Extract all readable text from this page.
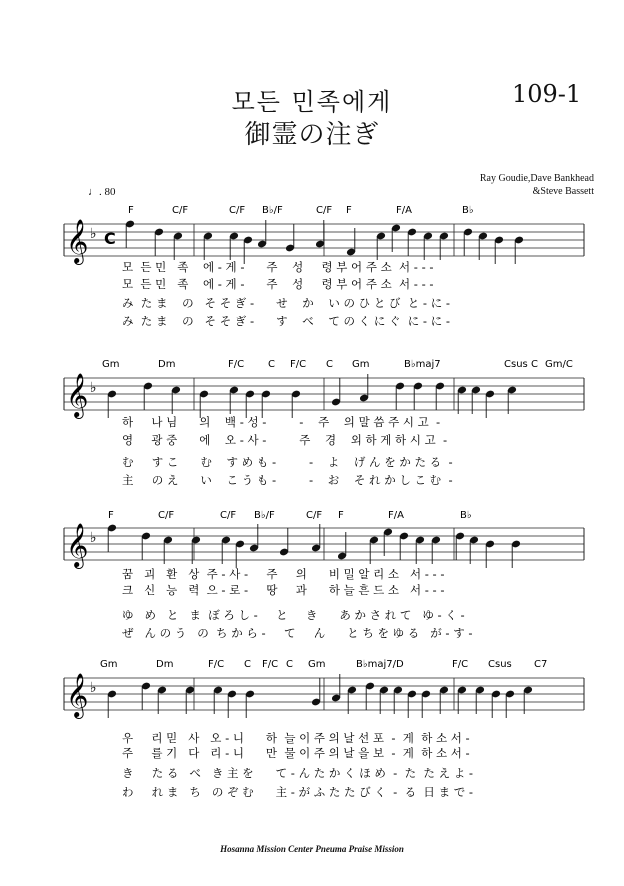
모든 민족에게
御霊の注ぎ
109-1
Ray Goudie,Dave Bankhead
&Steve Bassett
♩. 80
𝄞 ♭ C
F	C/F	C/F B♭/F	C/F F	F/A	B♭
모  든 민   족    에 - 게 -      주    성     령 부 어 주 소  서 - - -
모  든 민   족    에 - 게 -      주    성     령 부 어 주 소  서 - - -
み  た ま    の   そ そ ぎ -      せ    か    い の ひ と び  と - に -
み  た ま    の   そ そ ぎ -      す    べ    て の く に ぐ  に - に -
𝄞 ♭
Gm	Dm	F/C C F/C C Gm	B♭maj7	Csus C Gm/C
하     나 님      의    백 - 성 -         -    주    의 말 씀 주 시 고  -
영     광 중      에    오 - 사 -         주    경    외 하 게 하 시 고  -
む     す こ      む    す め も -         -    よ    げ ん を か た る  -
主     の え      い    こ う も -         -    お    そ れ か し こ む  -
𝄞 ♭
F	C/F	C/F B♭/F	C/F F	F/A	B♭
꿈   괴   환   상  주 - 사 -     주     의      비 밀 알 리 소   서 - - -
크   신   능   력  으 - 로 -     땅     과      하 늘 흔 드 소   서 - - -
ゆ   め   と   ま  ぼ ろ し -     と     き      あ か さ れ て   ゆ - く -
ぜ   ん の う   の  ち か ら -     て     ん      と ち を ゆ る   が - す -
𝄞 ♭
Gm	Dm	F/C C F/C C Gm	B♭maj7/D	F/C Csus C7
우     리 믿   사   오 - 니      하  늘 이 주 의 날 선 포  -  게  하 소 서 -
주     를 기   다   리 - 니      만  물 이 주 의 날 을 보  -  게  하 소 서 -
き     た る   べ   き 主 を      て - ん た か く ほ め  -  た  た え よ -
わ     れ ま   ち   の ぞ む      主 - が ふ た た び く  -  る  日 ま で -
Hosanna Mission Center Pneuma Praise Mission
